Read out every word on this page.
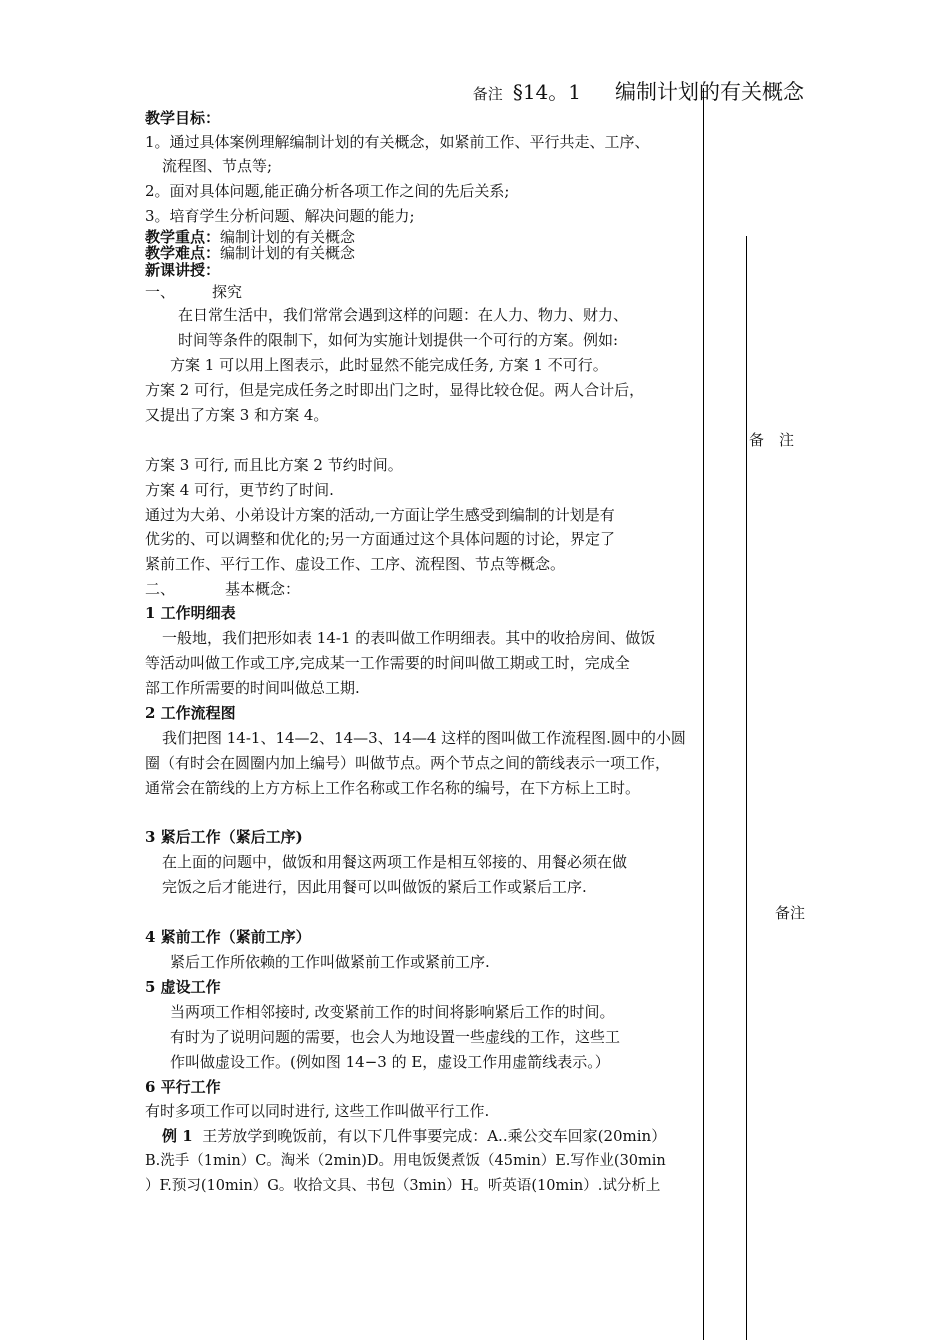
备注 §14。1 编制计划的有关概念
教学目标：
1。通过具体案例理解编制计划的有关概念，如紧前工作、平行共走、工序、
流程图、节点等;
2。面对具体问题,能正确分析各项工作之间的先后关系;
3。培育学生分析问题、解决问题的能力;
教学重点：编制计划的有关概念
教学难点：编制计划的有关概念
新课讲授：
一、 探究
在日常生活中，我们常常会遇到这样的问题：在人力、物力、财力、
时间等条件的限制下，如何为实施计划提供一个可行的方案。例如:
方案 1 可以用上图表示，此时显然不能完成任务, 方案 1 不可行。
方案 2 可行，但是完成任务之时即出门之时，显得比较仓促。两人合计后，
又提出了方案 3 和方案 4。
方案 3 可行, 而且比方案 2 节约时间。
方案 4 可行，更节约了时间.
通过为大弟、小弟设计方案的活动,一方面让学生感受到编制的计划是有
优劣的、可以调整和优化的;另一方面通过这个具体问题的讨论，界定了
紧前工作、平行工作、虚设工作、工序、流程图、节点等概念。
二、	基本概念：
1 工作明细表
一般地，我们把形如表 14-1 的表叫做工作明细表。其中的收拾房间、做饭
等活动叫做工作或工序,完成某一工作需要的时间叫做工期或工时，完成全
部工作所需要的时间叫做总工期.
2 工作流程图
我们把图 14-1、14—2、14—3、14—4 这样的图叫做工作流程图.圆中的小圆
圈（有时会在圆圈内加上编号）叫做节点。两个节点之间的箭线表示一项工作，
通常会在箭线的上方方标上工作名称或工作名称的编号，在下方标上工时。
3 紧后工作（紧后工序)
在上面的问题中，做饭和用餐这两项工作是相互邻接的、用餐必须在做
完饭之后才能进行，因此用餐可以叫做饭的紧后工作或紧后工序.
4 紧前工作（紧前工序）
紧后工作所依赖的工作叫做紧前工作或紧前工序.
5 虚设工作
当两项工作相邻接时, 改变紧前工作的时间将影响紧后工作的时间。
有时为了说明问题的需要，也会人为地设置一些虚线的工作，这些工
作叫做虚设工作。(例如图 14−3 的 E，虚设工作用虚箭线表示。）
6 平行工作
有时多项工作可以同时进行, 这些工作叫做平行工作.
例 1 王芳放学到晚饭前，有以下几件事要完成：A..乘公交车回家(20min）
B.洗手（1min）C。淘米（2min)D。用电饭煲煮饭（45min）E.写作业(30min
）F.预习(10min）G。收拾文具、书包（3min）H。听英语(10min）.试分析上
备　注
备注
